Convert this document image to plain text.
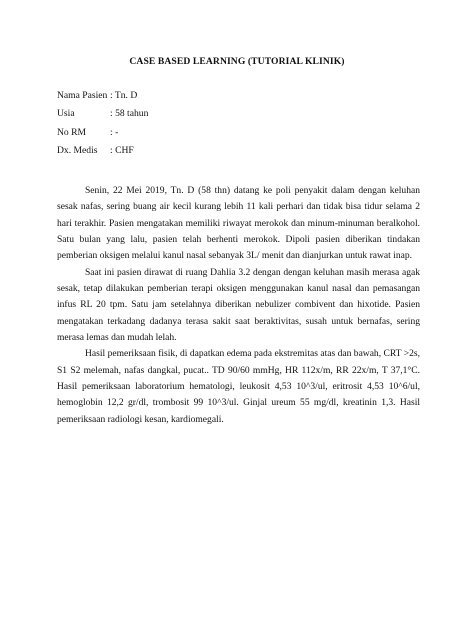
CASE BASED LEARNING (TUTORIAL KLINIK)
Nama Pasien : Tn. D
Usia	: 58 tahun
No RM : -
Dx. Medis : CHF

Senin, 22 Mei 2019, Tn. D (58 thn) datang ke poli penyakit dalam dengan keluhan sesak nafas, sering buang air kecil kurang lebih 11 kali perhari dan tidak bisa tidur selama 2 hari terakhir. Pasien mengatakan memiliki riwayat merokok dan minum-minuman beralkohol. Satu bulan yang lalu, pasien telah berhenti merokok. Dipoli pasien diberikan tindakan pemberian oksigen melalui kanul nasal sebanyak 3L/ menit dan dianjurkan untuk rawat inap.

Saat ini pasien dirawat di ruang Dahlia 3.2 dengan dengan keluhan masih merasa agak sesak, tetap dilakukan pemberian terapi oksigen menggunakan kanul nasal dan pemasangan infus RL 20 tpm. Satu jam setelahnya diberikan nebulizer combivent dan hixotide. Pasien mengatakan terkadang dadanya terasa sakit saat beraktivitas, susah untuk bernafas, sering merasa lemas dan mudah lelah.

Hasil pemeriksaan fisik, di dapatkan edema pada ekstremitas atas dan bawah, CRT >2s, S1 S2 melemah, nafas dangkal, pucat.. TD 90/60 mmHg, HR 112x/m, RR 22x/m, T 37,1°C. Hasil pemeriksaan laboratorium hematologi, leukosit 4,53 10^3/ul, eritrosit 4,53 10^6/ul, hemoglobin 12,2 gr/dl, trombosit 99 10^3/ul. Ginjal ureum 55 mg/dl, kreatinin 1,3. Hasil pemeriksaan radiologi kesan, kardiomegali.
